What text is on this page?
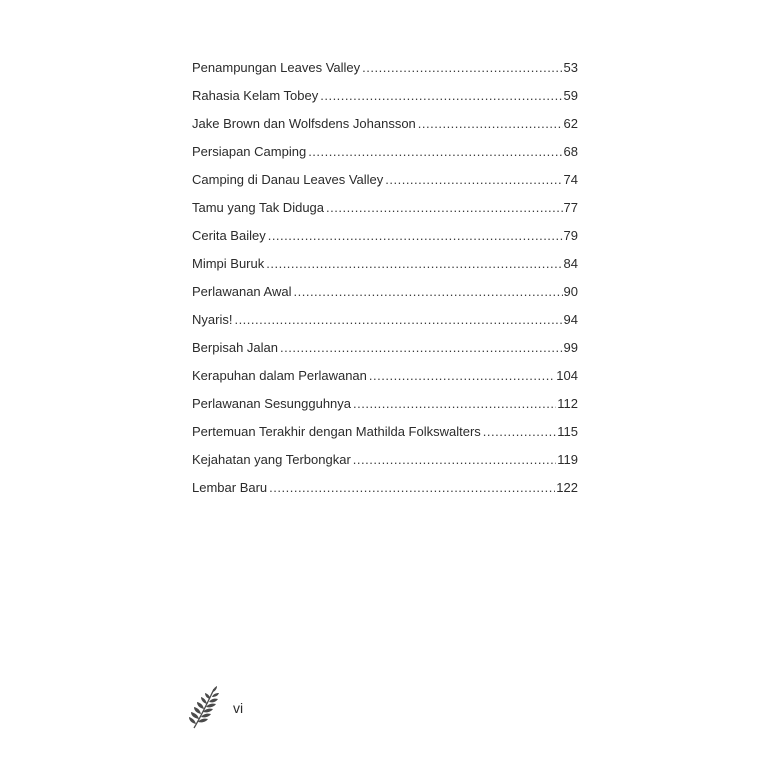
Penampungan Leaves Valley .....	53
Rahasia Kelam Tobey .....	59
Jake Brown dan Wolfsdens Johansson .....	62
Persiapan Camping .....	68
Camping di Danau Leaves Valley .....	74
Tamu yang Tak Diduga .....	77
Cerita Bailey .....	79
Mimpi Buruk .....	84
Perlawanan Awal .....	90
Nyaris! .....	94
Berpisah Jalan .....	99
Kerapuhan dalam Perlawanan .....	104
Perlawanan Sesungguhnya .....	112
Pertemuan Terakhir dengan Mathilda Folkswalters .....	115
Kejahatan yang Terbongkar .....	119
Lembar Baru .....	122
vi
